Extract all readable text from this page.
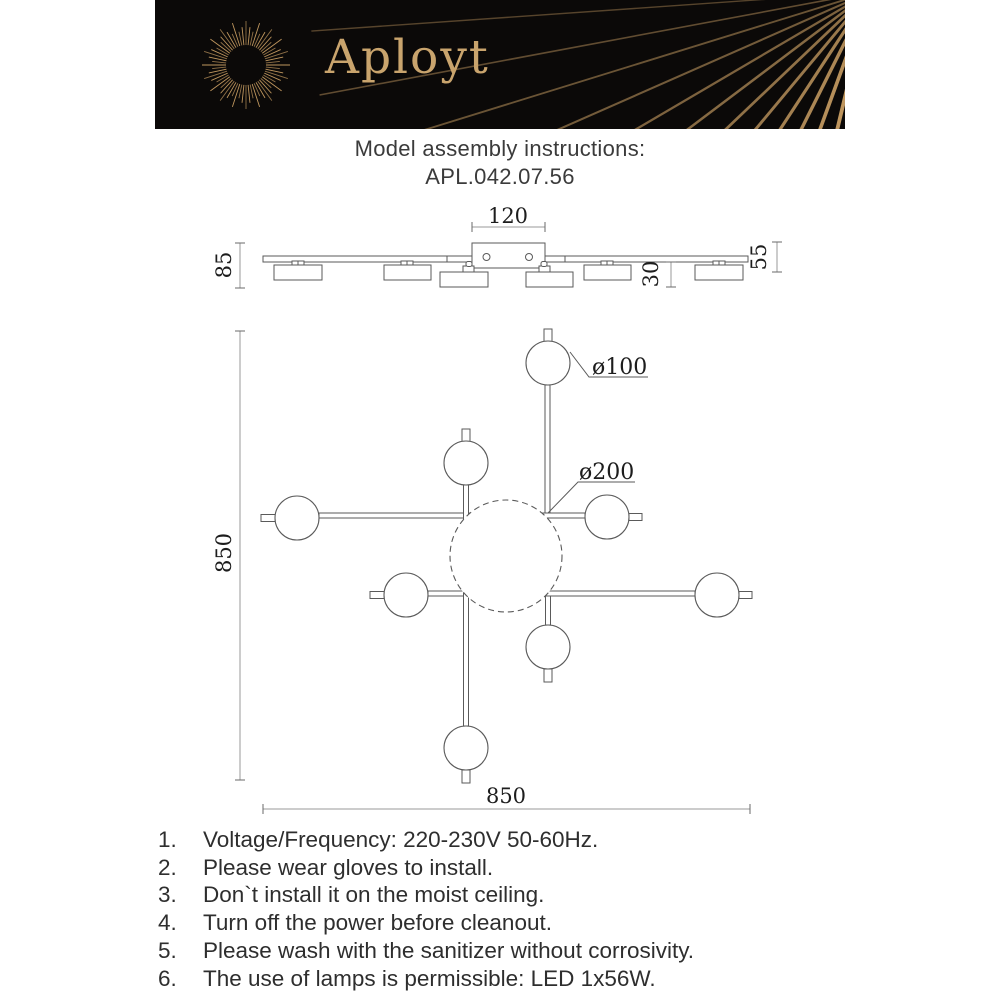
Aployt
Model assembly instructions:
APL.042.07.56
120
85	55
30
ø100
ø200
850
850
1.	Voltage/Frequency: 220-230V 50-60Hz.
2.	Please wear gloves to install.
3.	Don`t install it on the moist ceiling.
4.	Turn off the power before cleanout.
5.	Please wash with the sanitizer without corrosivity.
6.	The use of lamps is permissible: LED 1x56W.
